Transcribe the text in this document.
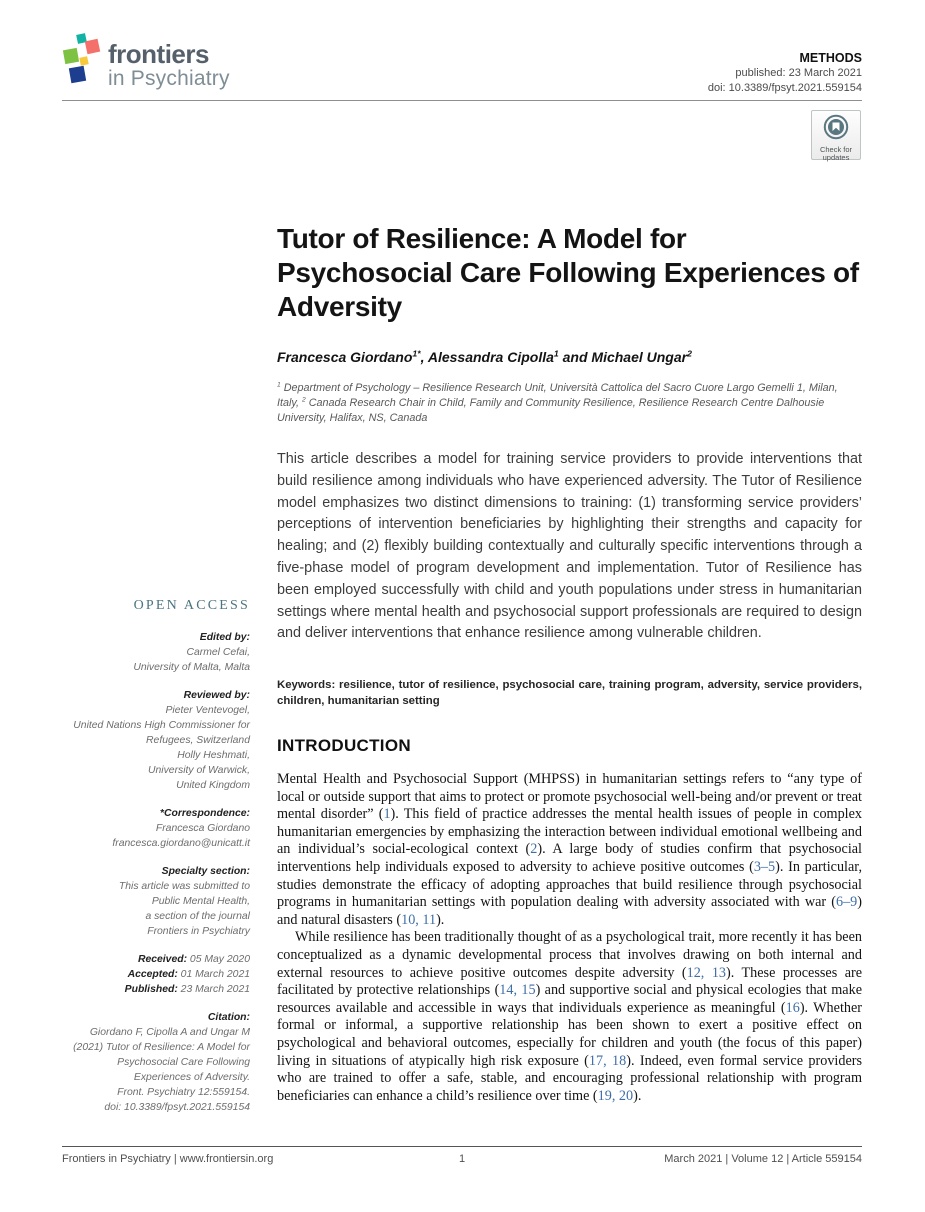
frontiers
in Psychiatry
METHODS
published: 23 March 2021
doi: 10.3389/fpsyt.2021.559154
Check for
updates
Tutor of Resilience: A Model for Psychosocial Care Following Experiences of Adversity
Francesca Giordano$^{1*}$, Alessandra Cipolla$^1$ and Michael Ungar$^2$
$^1$ Department of Psychology – Resilience Research Unit, Università Cattolica del Sacro Cuore Largo Gemelli 1, Milan, Italy, $^2$ Canada Research Chair in Child, Family and Community Resilience, Resilience Research Centre Dalhousie University, Halifax, NS, Canada

This article describes a model for training service providers to provide interventions that build resilience among individuals who have experienced adversity. The Tutor of Resilience model emphasizes two distinct dimensions to training: (1) transforming service providers’ perceptions of intervention beneficiaries by highlighting their strengths and capacity for healing; and (2) flexibly building contextually and culturally specific interventions through a five-phase model of program development and implementation. Tutor of Resilience has been employed successfully with child and youth populations under stress in humanitarian settings where mental health and psychosocial support professionals are required to design and deliver interventions that enhance resilience among vulnerable children.

Keywords: resilience, tutor of resilience, psychosocial care, training program, adversity, service providers, children, humanitarian setting

INTRODUCTION

Mental Health and Psychosocial Support (MHPSS) in humanitarian settings refers to “any type of local or outside support that aims to protect or promote psychosocial well-being and/or prevent or treat mental disorder” (1). This field of practice addresses the mental health issues of people in complex humanitarian emergencies by emphasizing the interaction between individual emotional wellbeing and an individual’s social-ecological context (2). A large body of studies confirm that psychosocial interventions help individuals exposed to adversity to achieve positive outcomes (3–5). In particular, studies demonstrate the efficacy of adopting approaches that build resilience through psychosocial programs in humanitarian settings with population dealing with adversity associated with war (6–9) and natural disasters (10, 11).

While resilience has been traditionally thought of as a psychological trait, more recently it has been conceptualized as a dynamic developmental process that involves drawing on both internal and external resources to achieve positive outcomes despite adversity (12, 13). These processes are facilitated by protective relationships (14, 15) and supportive social and physical ecologies that make resources available and accessible in ways that individuals experience as meaningful (16). Whether formal or informal, a supportive relationship has been shown to exert a positive effect on psychological and behavioral outcomes, especially for children and youth (the focus of this paper) living in situations of atypically high risk exposure (17, 18). Indeed, even formal service providers who are trained to offer a safe, stable, and encouraging professional relationship with program beneficiaries can enhance a child’s resilience over time (19, 20).

OPEN ACCESS
Edited by:
Carmel Cefai,
University of Malta, Malta
Reviewed by:
Pieter Ventevogel,
United Nations High Commissioner for
Refugees, Switzerland
Holly Heshmati,
University of Warwick,
United Kingdom
*Correspondence:
Francesca Giordano
francesca.giordano@unicatt.it
Specialty section:
This article was submitted to
Public Mental Health,
a section of the journal
Frontiers in Psychiatry
Received: 05 May 2020
Accepted: 01 March 2021
Published: 23 March 2021
Citation:
Giordano F, Cipolla A and Ungar M
(2021) Tutor of Resilience: A Model for
Psychosocial Care Following
Experiences of Adversity.
Front. Psychiatry 12:559154.
doi: 10.3389/fpsyt.2021.559154
Frontiers in Psychiatry | www.frontiersin.org	1	March 2021 | Volume 12 | Article 559154
